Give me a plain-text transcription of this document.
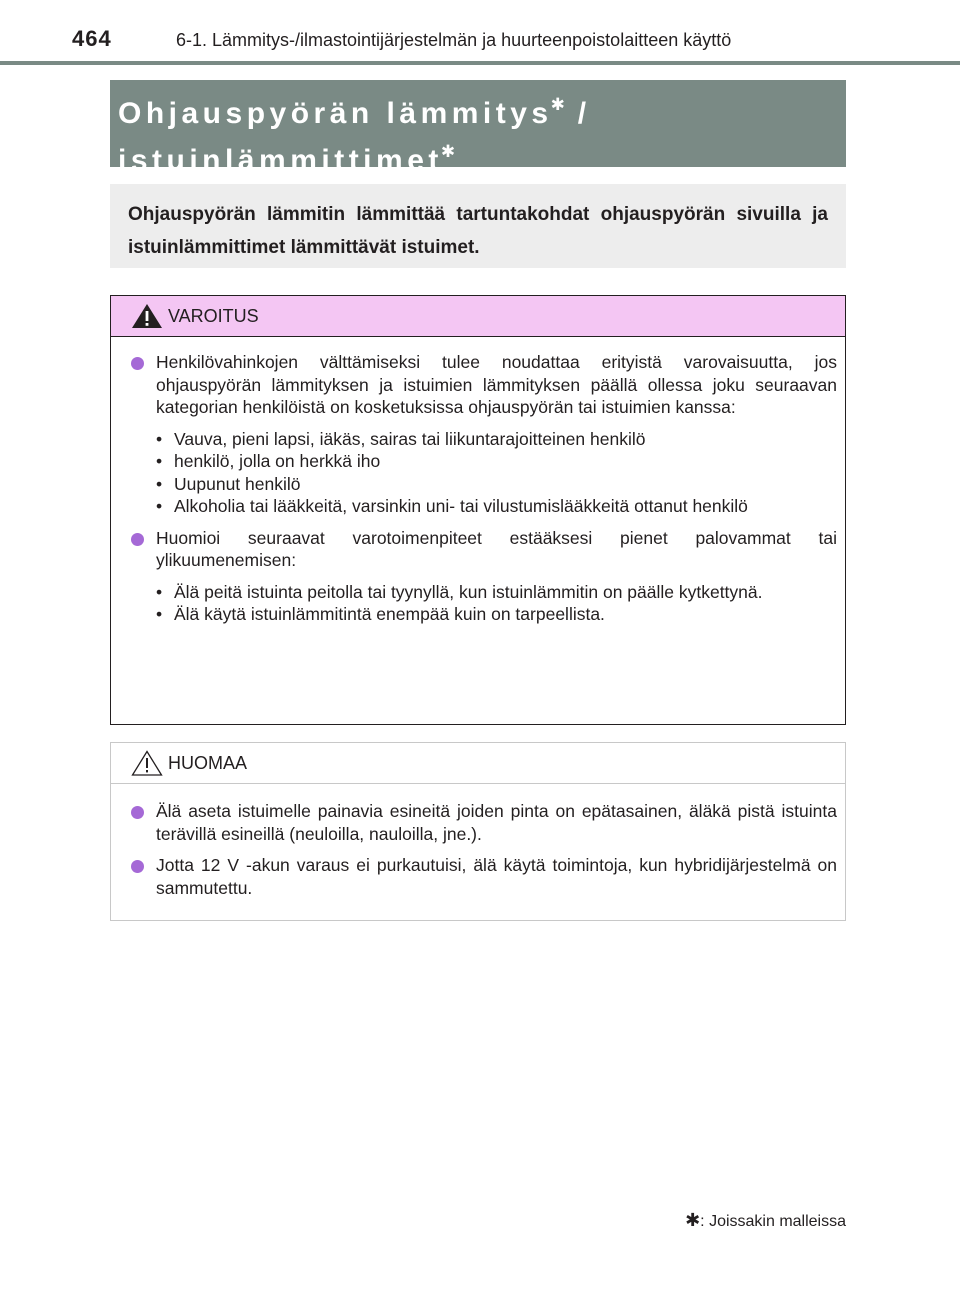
464	6-1. Lämmitys-/ilmastointijärjestelmän ja huurteenpoistolaitteen käyttö
Ohjauspyörän lämmitys✱ /
istuinlämmittimet✱
Ohjauspyörän lämmitin lämmittää tartuntakohdat ohjauspyörän sivuilla ja istuinlämmittimet lämmittävät istuimet.
VAROITUS
Henkilövahinkojen välttämiseksi tulee noudattaa erityistä varovaisuutta, jos ohjauspyörän lämmityksen ja istuimien lämmityksen päällä ollessa joku seuraavan kategorian henkilöistä on kosketuksissa ohjauspyörän tai istuimien kanssa:
• Vauva, pieni lapsi, iäkäs, sairas tai liikuntarajoitteinen henkilö
• henkilö, jolla on herkkä iho
• Uupunut henkilö
• Alkoholia tai lääkkeitä, varsinkin uni- tai vilustumislääkkeitä ottanut henkilö
Huomioi seuraavat varotoimenpiteet estääksesi pienet palovammat tai ylikuumenemisen:
• Älä peitä istuinta peitolla tai tyynyllä, kun istuinlämmitin on päälle kytkettynä.
• Älä käytä istuinlämmitintä enempää kuin on tarpeellista.
HUOMAA
Älä aseta istuimelle painavia esineitä joiden pinta on epätasainen, äläkä pistä istuinta terävillä esineillä (neuloilla, nauloilla, jne.).
Jotta 12 V -akun varaus ei purkautuisi, älä käytä toimintoja, kun hybridijärjestelmä on sammutettu.
✱: Joissakin malleissa
